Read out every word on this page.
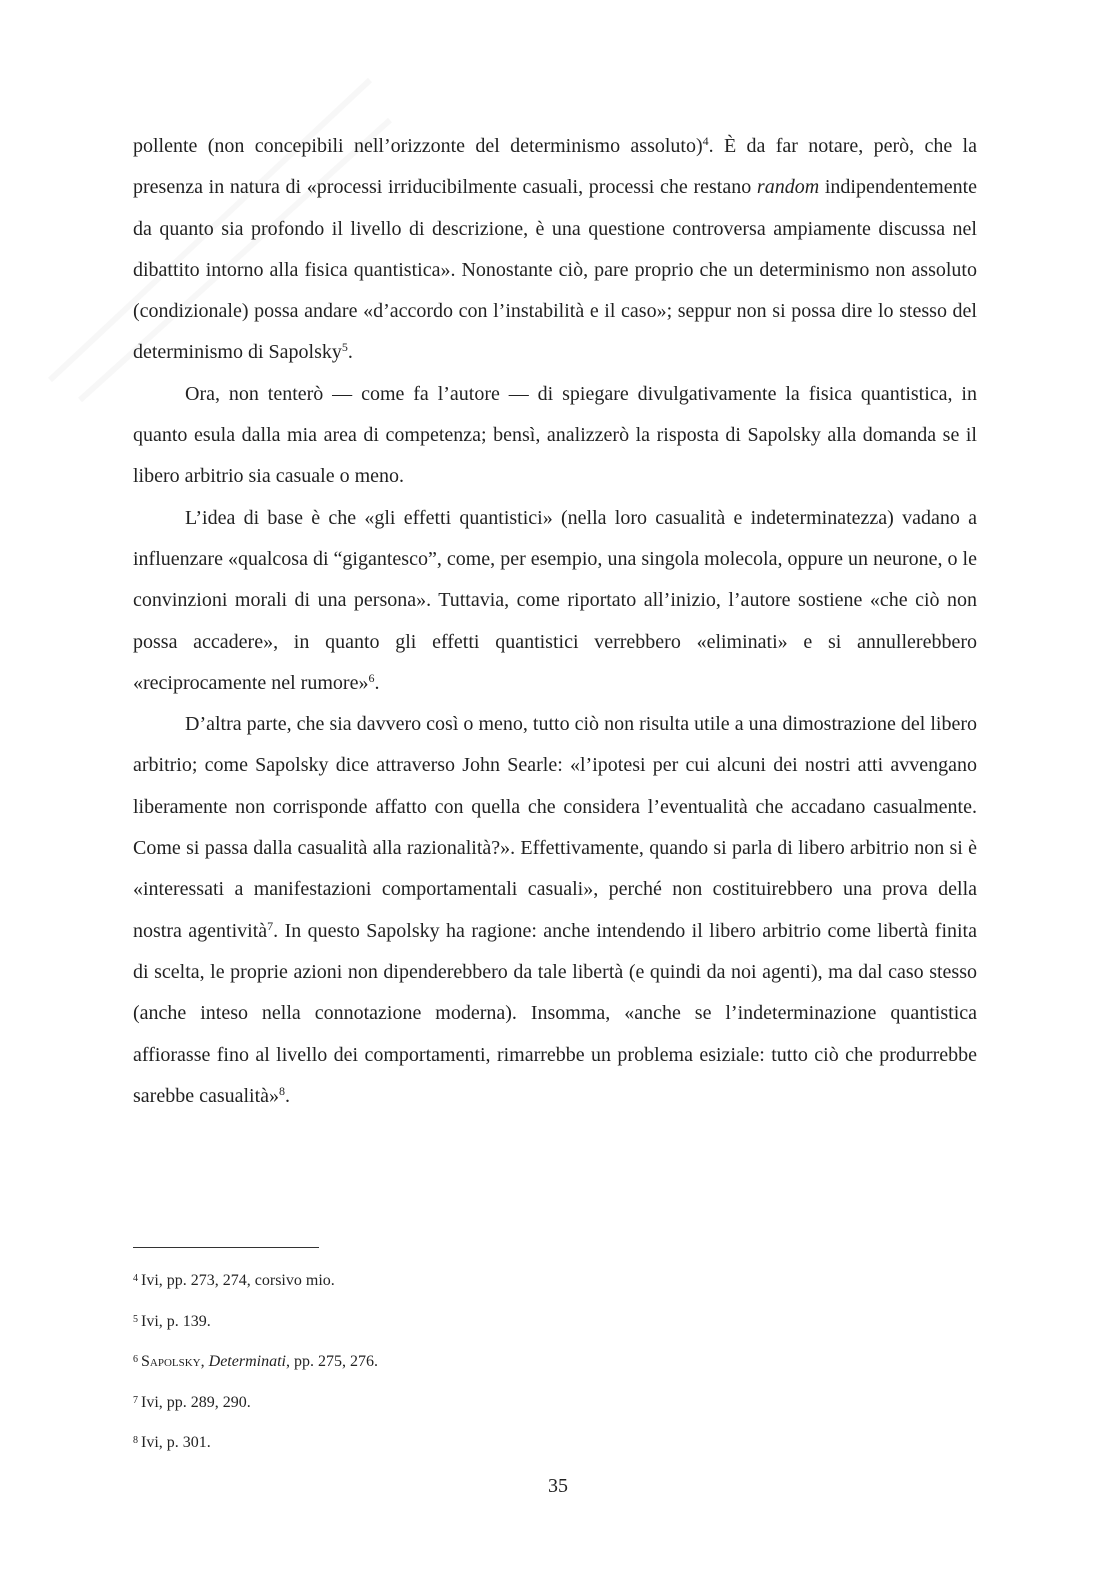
pollente (non concepibili nell’orizzonte del determinismo assoluto)$^4$. È da far notare, però, che la presenza in natura di «processi irriducibilmente casuali, processi che restano random indipendentemente da quanto sia profondo il livello di descrizione, è una questione controversa ampiamente discussa nel dibattito intorno alla fisica quantistica». Nonostante ciò, pare proprio che un determinismo non assoluto (condizionale) possa andare «d’accordo con l’instabilità e il caso»; seppur non si possa dire lo stesso del determinismo di Sapolsky$^5$.

Ora, non tenterò — come fa l’autore — di spiegare divulgativamente la fisica quantistica, in quanto esula dalla mia area di competenza; bensì, analizzerò la risposta di Sapolsky alla domanda se il libero arbitrio sia casuale o meno.

L’idea di base è che «gli effetti quantistici» (nella loro casualità e indeterminatezza) vadano a influenzare «qualcosa di “gigantesco”, come, per esempio, una singola molecola, oppure un neurone, o le convinzioni morali di una persona». Tuttavia, come riportato all’inizio, l’autore sostiene «che ciò non possa accadere», in quanto gli effetti quantistici verrebbero «eliminati» e si annullerebbero «reciprocamente nel rumore»$^6$.

D’altra parte, che sia davvero così o meno, tutto ciò non risulta utile a una dimostrazione del libero arbitrio; come Sapolsky dice attraverso John Searle: «l’ipotesi per cui alcuni dei nostri atti avvengano liberamente non corrisponde affatto con quella che considera l’eventualità che accadano casualmente. Come si passa dalla casualità alla razionalità?». Effettivamente, quando si parla di libero arbitrio non si è «interessati a manifestazioni comportamentali casuali», perché non costituirebbero una prova della nostra agentività$^7$. In questo Sapolsky ha ragione: anche intendendo il libero arbitrio come libertà finita di scelta, le proprie azioni non dipenderebbero da tale libertà (e quindi da noi agenti), ma dal caso stesso (anche inteso nella connotazione moderna). Insomma, «anche se l’indeterminazione quantistica affiorasse fino al livello dei comportamenti, rimarrebbe un problema esiziale: tutto ciò che produrrebbe sarebbe casualità»$^8$.

$^4$ Ivi, pp. 273, 274, corsivo mio.

$^5$ Ivi, p. 139.

$^6$ Sapolsky, Determinati, pp. 275, 276.

$^7$ Ivi, pp. 289, 290.

$^8$ Ivi, p. 301.

35
